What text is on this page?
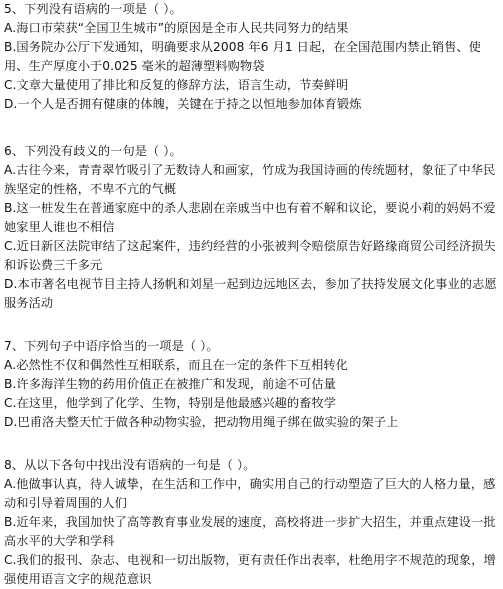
5、下列没有语病的一项是（ ）。

A.海口市荣获“全国卫生城市”的原因是全市人民共同努力的结果

B.国务院办公厅下发通知，明确要求从2008 年6 月1 日起，在全国范围内禁止销售、使用、生产厚度小于0.025 毫米的超薄塑料购物袋

C.文章大量使用了排比和反复的修辞方法，语言生动，节奏鲜明

D.一个人是否拥有健康的体魄，关键在于持之以恒地参加体育锻炼

6、下列没有歧义的一句是（ ）。

A.古往今来，青青翠竹吸引了无数诗人和画家，竹成为我国诗画的传统题材，象征了中华民族坚定的性格，不卑不亢的气概

B.这一桩发生在普通家庭中的杀人悲剧在亲戚当中也有着不解和议论，要说小莉的妈妈不爱她家里人谁也不相信

C.近日新区法院审结了这起案件，违约经营的小张被判令赔偿原告好路缘商贸公司经济损失和诉讼费三千多元

D.本市著名电视节目主持人扬帆和刘星一起到边远地区去，参加了扶持发展文化事业的志愿服务活动

7、下列句子中语序恰当的一项是（ ）。

A.必然性不仅和偶然性互相联系，而且在一定的条件下互相转化

B.许多海洋生物的药用价值正在被推广和发现，前途不可估量

C.在这里，他学到了化学、生物，特别是他最感兴趣的畜牧学

D.巴甫洛夫整天忙于做各种动物实验，把动物用绳子绑在做实验的架子上

8、从以下各句中找出没有语病的一句是（ ）。

A.他做事认真，待人诚挚，在生活和工作中，确实用自己的行动塑造了巨大的人格力量，感动和引导着周围的人们

B.近年来，我国加快了高等教育事业发展的速度，高校将进一步扩大招生，并重点建设一批高水平的大学和学科

C.我们的报刊、杂志、电视和一切出版物，更有责任作出表率，杜绝用字不规范的现象，增强使用语言文字的规范意识
